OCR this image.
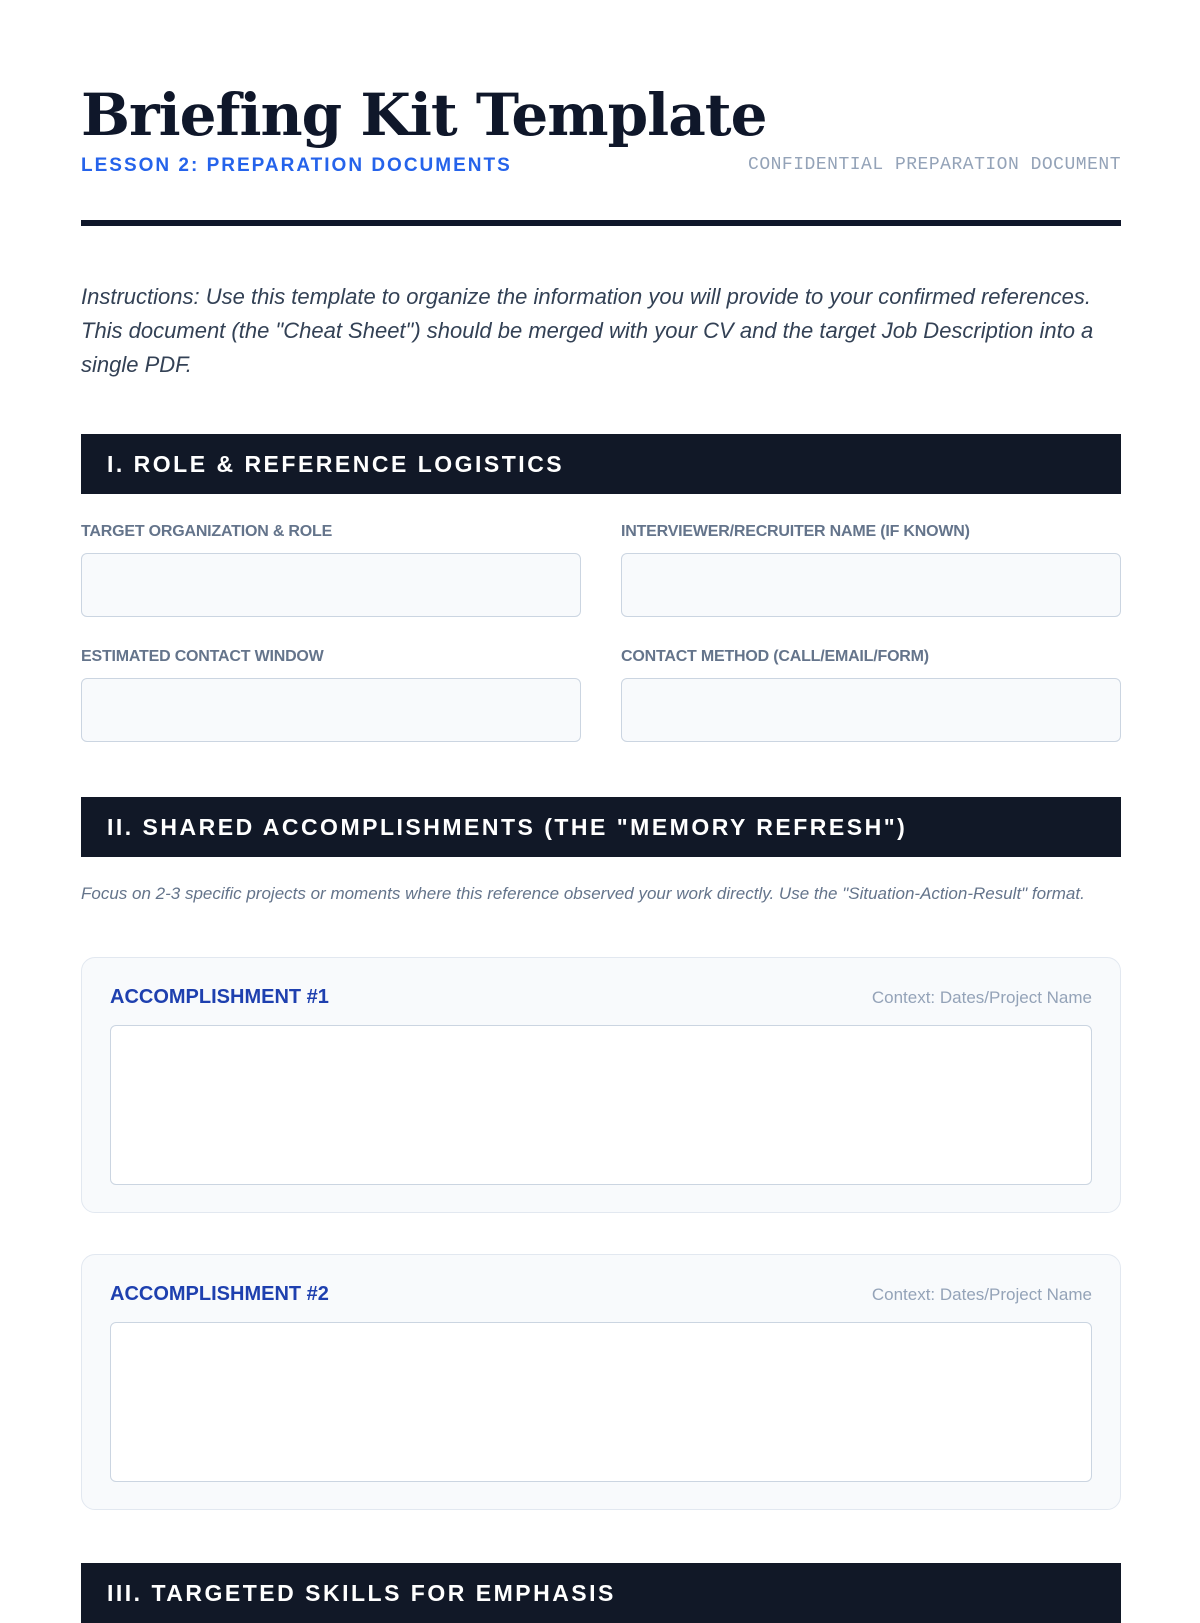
Briefing Kit Template
LESSON 2: PREPARATION DOCUMENTS	CONFIDENTIAL PREPARATION DOCUMENT

Instructions: Use this template to organize the information you will provide to your confirmed references. This document (the "Cheat Sheet") should be merged with your CV and the target Job Description into a single PDF.

I. ROLE & REFERENCE LOGISTICS
TARGET ORGANIZATION & ROLE	INTERVIEWER/RECRUITER NAME (IF KNOWN)
ESTIMATED CONTACT WINDOW	CONTACT METHOD (CALL/EMAIL/FORM)
II. SHARED ACCOMPLISHMENTS (THE "MEMORY REFRESH")

Focus on 2-3 specific projects or moments where this reference observed your work directly. Use the "Situation-Action-Result" format.

ACCOMPLISHMENT #1	Context: Dates/Project Name
ACCOMPLISHMENT #2	Context: Dates/Project Name
III. TARGETED SKILLS FOR EMPHASIS
